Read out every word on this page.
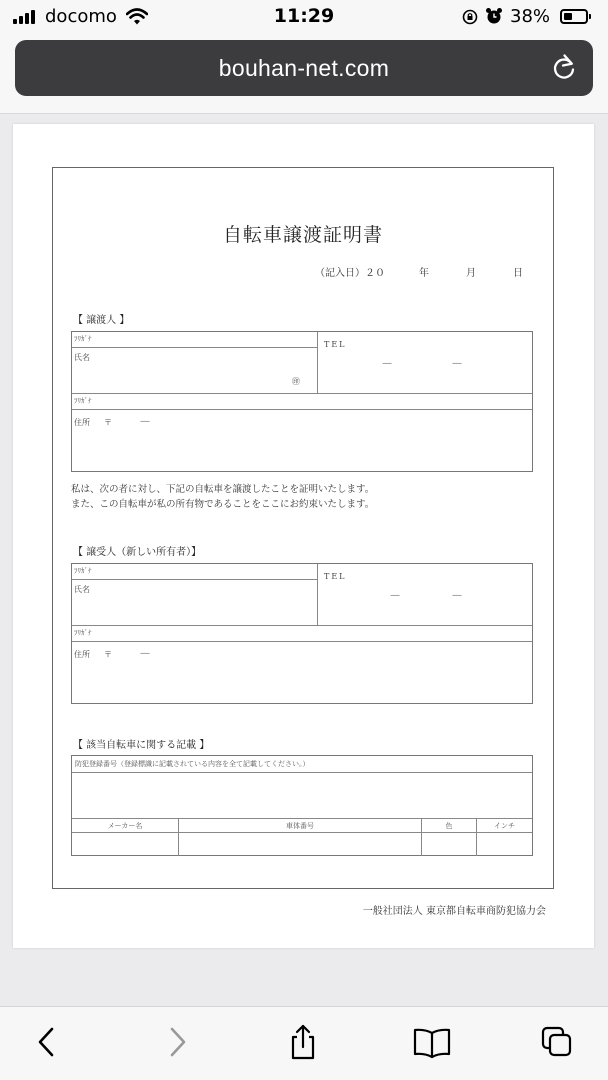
docomo	11:29	38%
bouhan-net.com
自転車譲渡証明書
（記入日）２０	年	月	日
【 譲渡人 】
ﾌﾘｶﾞﾅ
氏名
㊞
TEL
—	—
ﾌﾘｶﾞﾅ
住所 〒	—
私は、次の者に対し、下記の自転車を譲渡したことを証明いたします。
また、この自転車が私の所有物であることをここにお約束いたします。
【 譲受人（新しい所有者）】
ﾌﾘｶﾞﾅ
氏名
TEL
—	—
ﾌﾘｶﾞﾅ
住所 〒	—
【 該当自転車に関する記載 】
防犯登録番号（登録標識に記載されている内容を全て記載してください。）
メーカー名	車体番号	色	インチ
一般社団法人 東京都自転車商防犯協力会
